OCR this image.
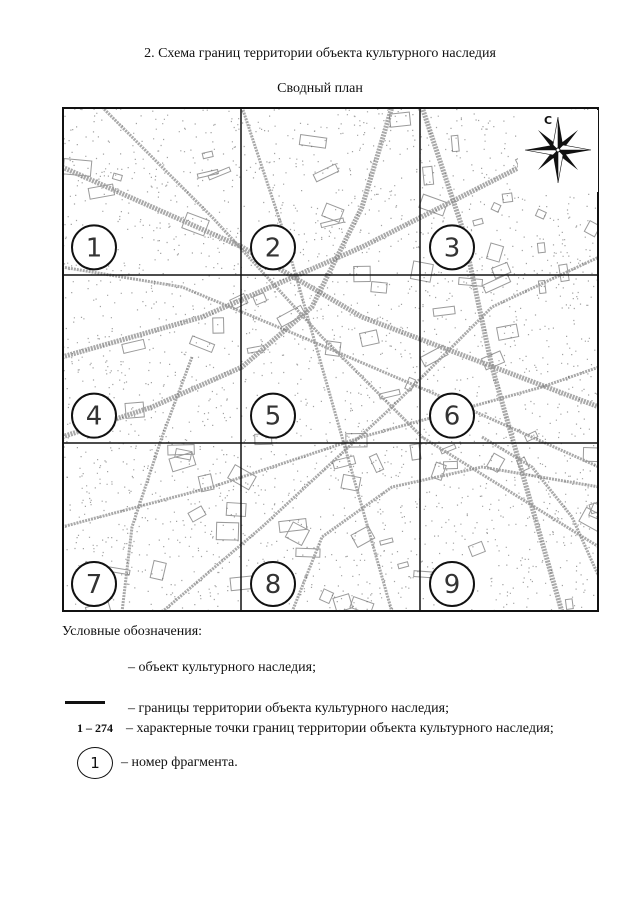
2. Схема границ территории объекта культурного наследия
Сводный план
1	2	3
4	5	6
7	8	9
С
Условные обозначения:
– объект культурного наследия;
– границы территории объекта культурного наследия;
1 – 274 – характерные точки границ территории объекта культурного наследия;
1	– номер фрагмента.
